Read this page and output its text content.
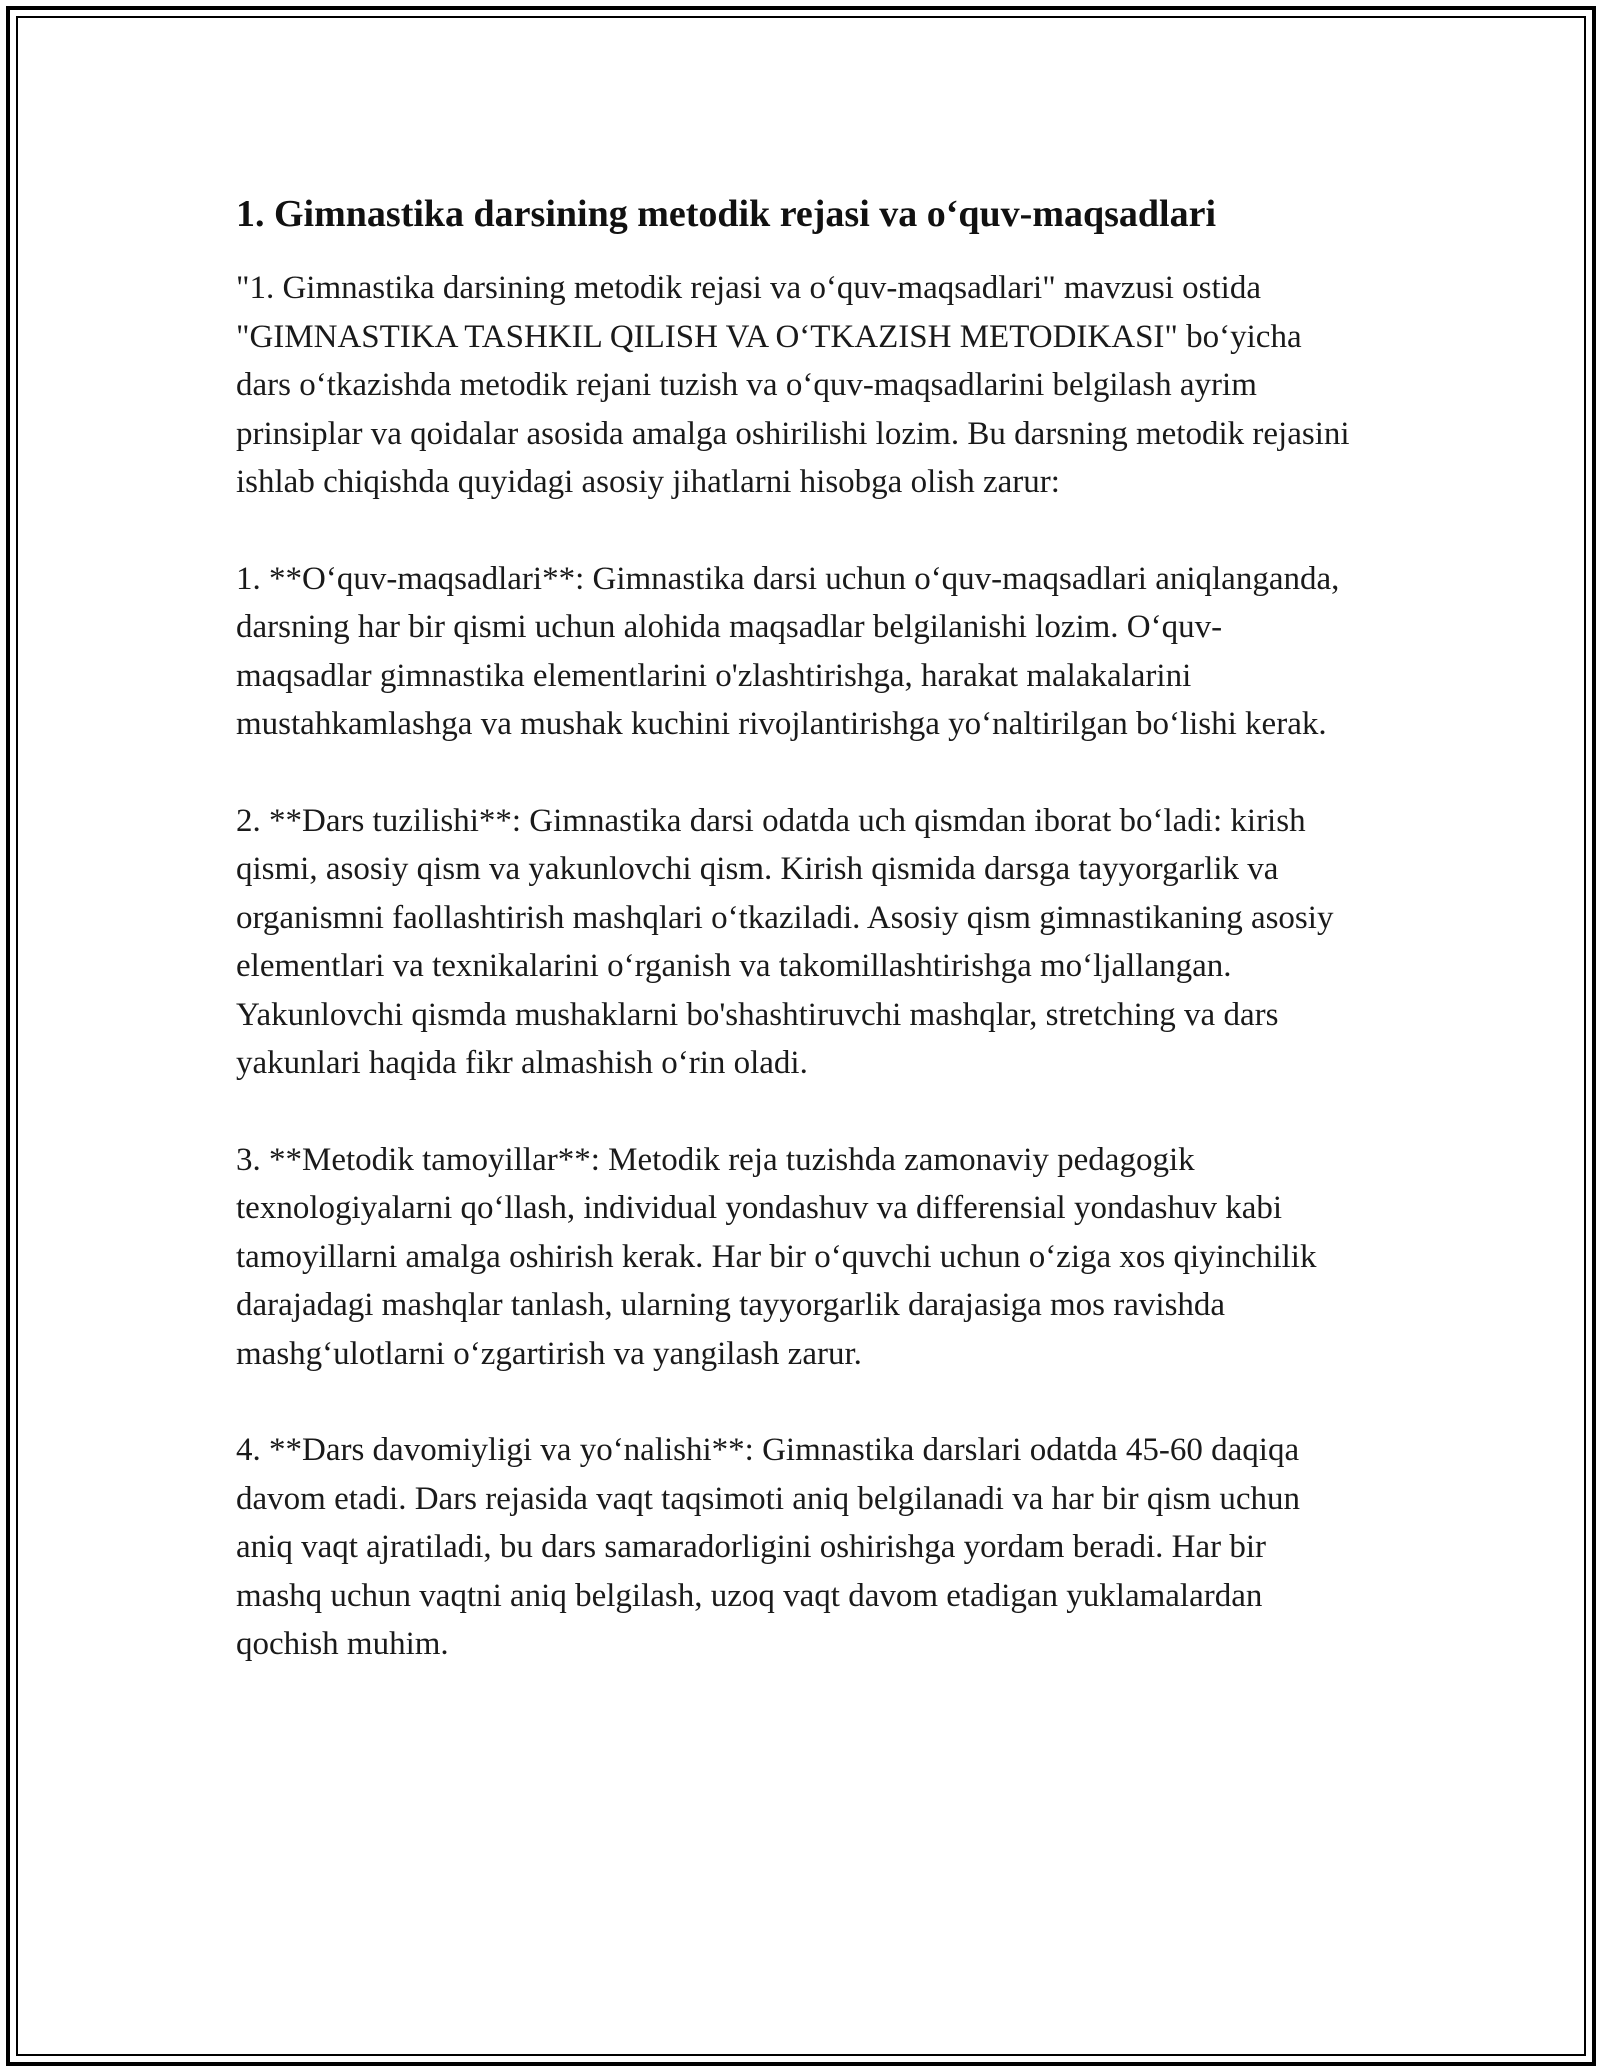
1. Gimnastika darsining metodik rejasi va o‘quv-maqsadlari

"1. Gimnastika darsining metodik rejasi va o‘quv-maqsadlari" mavzusi ostida "GIMNASTIKA TASHKIL QILISH VA O‘TKAZISH METODIKASI" bo‘yicha dars o‘tkazishda metodik rejani tuzish va o‘quv-maqsadlarini belgilash ayrim prinsiplar va qoidalar asosida amalga oshirilishi lozim. Bu darsning metodik rejasini ishlab chiqishda quyidagi asosiy jihatlarni hisobga olish zarur:

1. **O‘quv-maqsadlari**: Gimnastika darsi uchun o‘quv-maqsadlari aniqlanganda, darsning har bir qismi uchun alohida maqsadlar belgilanishi lozim. O‘quv-maqsadlar gimnastika elementlarini o'zlashtirishga, harakat malakalarini mustahkamlashga va mushak kuchini rivojlantirishga yo‘naltirilgan bo‘lishi kerak.

2. **Dars tuzilishi**: Gimnastika darsi odatda uch qismdan iborat bo‘ladi: kirish qismi, asosiy qism va yakunlovchi qism. Kirish qismida darsga tayyorgarlik va organismni faollashtirish mashqlari o‘tkaziladi. Asosiy qism gimnastikaning asosiy elementlari va texnikalarini o‘rganish va takomillashtirishga mo‘ljallangan. Yakunlovchi qismda mushaklarni bo'shashtiruvchi mashqlar, stretching va dars yakunlari haqida fikr almashish o‘rin oladi.

3. **Metodik tamoyillar**: Metodik reja tuzishda zamonaviy pedagogik texnologiyalarni qo‘llash, individual yondashuv va differensial yondashuv kabi tamoyillarni amalga oshirish kerak. Har bir o‘quvchi uchun o‘ziga xos qiyinchilik darajadagi mashqlar tanlash, ularning tayyorgarlik darajasiga mos ravishda mashg‘ulotlarni o‘zgartirish va yangilash zarur.

4. **Dars davomiyligi va yo‘nalishi**: Gimnastika darslari odatda 45-60 daqiqa davom etadi. Dars rejasida vaqt taqsimoti aniq belgilanadi va har bir qism uchun aniq vaqt ajratiladi, bu dars samaradorligini oshirishga yordam beradi. Har bir mashq uchun vaqtni aniq belgilash, uzoq vaqt davom etadigan yuklamalardan qochish muhim.
